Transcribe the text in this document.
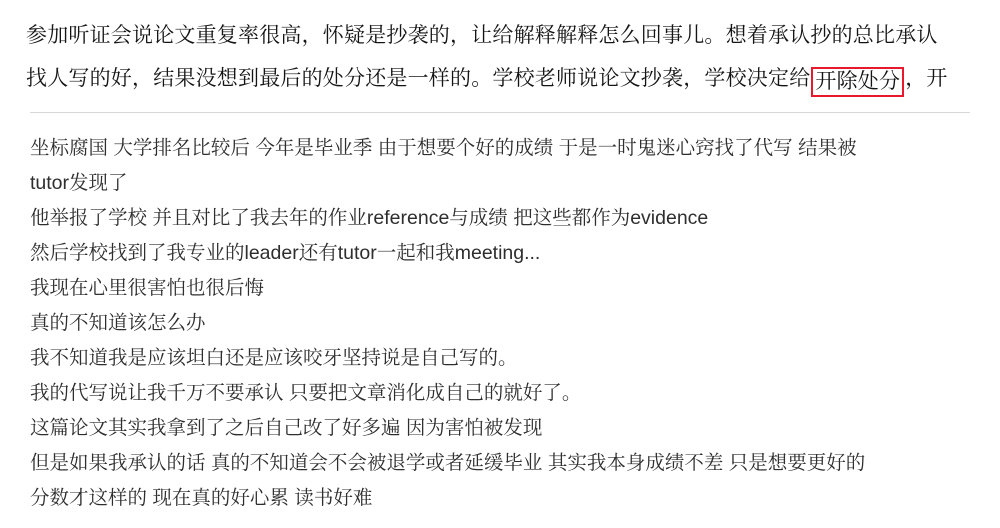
参加听证会说论文重复率很高，怀疑是抄袭的，让给解释解释怎么回事儿。想着承认抄的总比承认
找人写的好，结果没想到最后的处分还是一样的。学校老师说论文抄袭，学校决定给 开除处分 ，开
坐标腐国 大学排名比较后 今年是毕业季 由于想要个好的成绩 于是一时鬼迷心窍找了代写 结果被
tutor发现了
他举报了学校 并且对比了我去年的作业reference与成绩 把这些都作为evidence
然后学校找到了我专业的leader还有tutor一起和我meeting...
我现在心里很害怕也很后悔
真的不知道该怎么办
我不知道我是应该坦白还是应该咬牙坚持说是自己写的。
我的代写说让我千万不要承认 只要把文章消化成自己的就好了。
这篇论文其实我拿到了之后自己改了好多遍 因为害怕被发现
但是如果我承认的话 真的不知道会不会被退学或者延缓毕业 其实我本身成绩不差 只是想要更好的
分数才这样的 现在真的好心累 读书好难
